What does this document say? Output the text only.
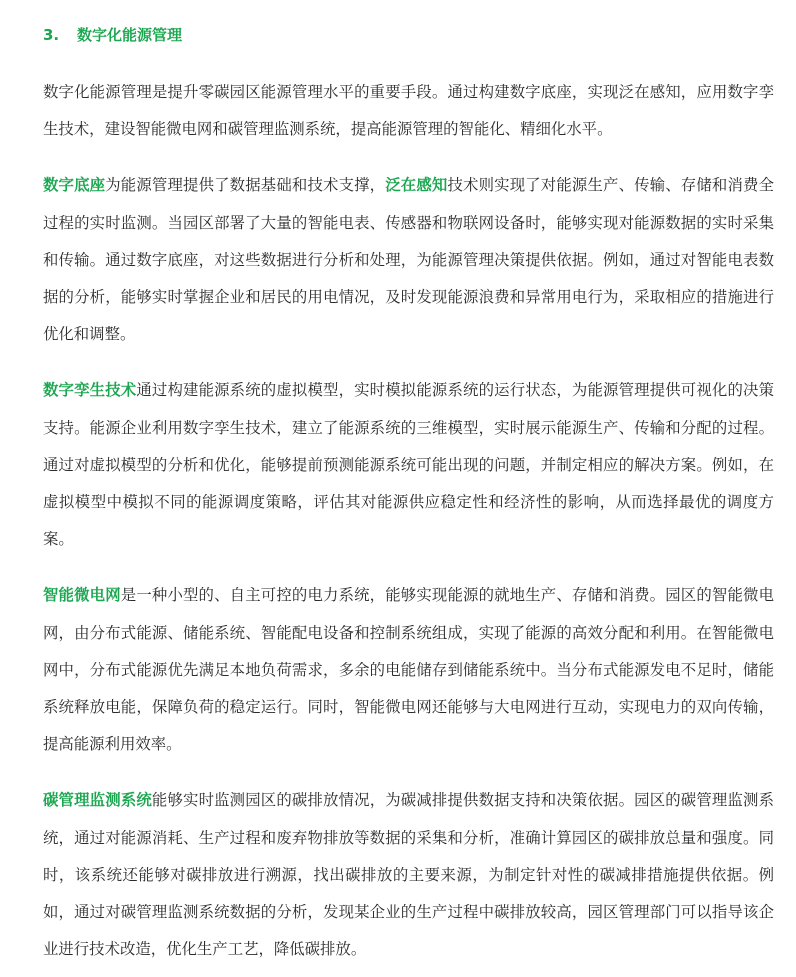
3. 数字化能源管理

数字化能源管理是提升零碳园区能源管理水平的重要手段。通过构建数字底座，实现泛在感知，应用数字孪生技术，建设智能微电网和碳管理监测系统，提高能源管理的智能化、精细化水平。

数字底座为能源管理提供了数据基础和技术支撑，泛在感知技术则实现了对能源生产、传输、存储和消费全过程的实时监测。当园区部署了大量的智能电表、传感器和物联网设备时，能够实现对能源数据的实时采集和传输。通过数字底座，对这些数据进行分析和处理，为能源管理决策提供依据。例如，通过对智能电表数据的分析，能够实时掌握企业和居民的用电情况，及时发现能源浪费和异常用电行为，采取相应的措施进行优化和调整。

数字孪生技术通过构建能源系统的虚拟模型，实时模拟能源系统的运行状态，为能源管理提供可视化的决策支持。能源企业利用数字孪生技术，建立了能源系统的三维模型，实时展示能源生产、传输和分配的过程。通过对虚拟模型的分析和优化，能够提前预测能源系统可能出现的问题，并制定相应的解决方案。例如，在虚拟模型中模拟不同的能源调度策略，评估其对能源供应稳定性和经济性的影响，从而选择最优的调度方案。

智能微电网是一种小型的、自主可控的电力系统，能够实现能源的就地生产、存储和消费。园区的智能微电网，由分布式能源、储能系统、智能配电设备和控制系统组成，实现了能源的高效分配和利用。在智能微电网中，分布式能源优先满足本地负荷需求，多余的电能储存到储能系统中。当分布式能源发电不足时，储能系统释放电能，保障负荷的稳定运行。同时，智能微电网还能够与大电网进行互动，实现电力的双向传输，提高能源利用效率。

碳管理监测系统能够实时监测园区的碳排放情况，为碳减排提供数据支持和决策依据。园区的碳管理监测系统，通过对能源消耗、生产过程和废弃物排放等数据的采集和分析，准确计算园区的碳排放总量和强度。同时，该系统还能够对碳排放进行溯源，找出碳排放的主要来源，为制定针对性的碳减排措施提供依据。例如，通过对碳管理监测系统数据的分析，发现某企业的生产过程中碳排放较高，园区管理部门可以指导该企业进行技术改造，优化生产工艺，降低碳排放。
